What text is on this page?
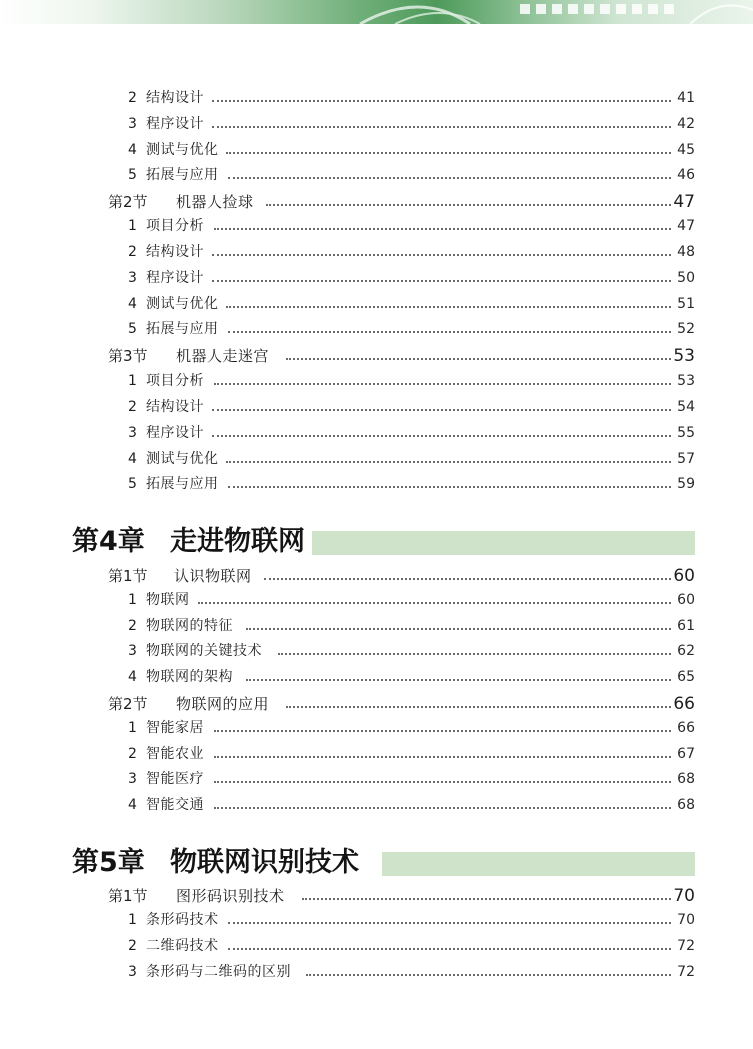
2 结构设计	41
3 程序设计	42
4 测试与优化	45
5 拓展与应用	46
第2节 机器人捡球	47
1 项目分析	47
2 结构设计	48
3 程序设计	50
4 测试与优化	51
5 拓展与应用	52
第3节 机器人走迷宫	53
1 项目分析	53
2 结构设计	54
3 程序设计	55
4 测试与优化	57
5 拓展与应用	59
第4章 走进物联网
第1节 认识物联网	60
1 物联网	60
2 物联网的特征	61
3 物联网的关键技术	62
4 物联网的架构	65
第2节 物联网的应用	66
1 智能家居	66
2 智能农业	67
3 智能医疗	68
4 智能交通	68
第5章 物联网识别技术
第1节 图形码识别技术	70
1 条形码技术	70
2 二维码技术	72
3 条形码与二维码的区别	72
